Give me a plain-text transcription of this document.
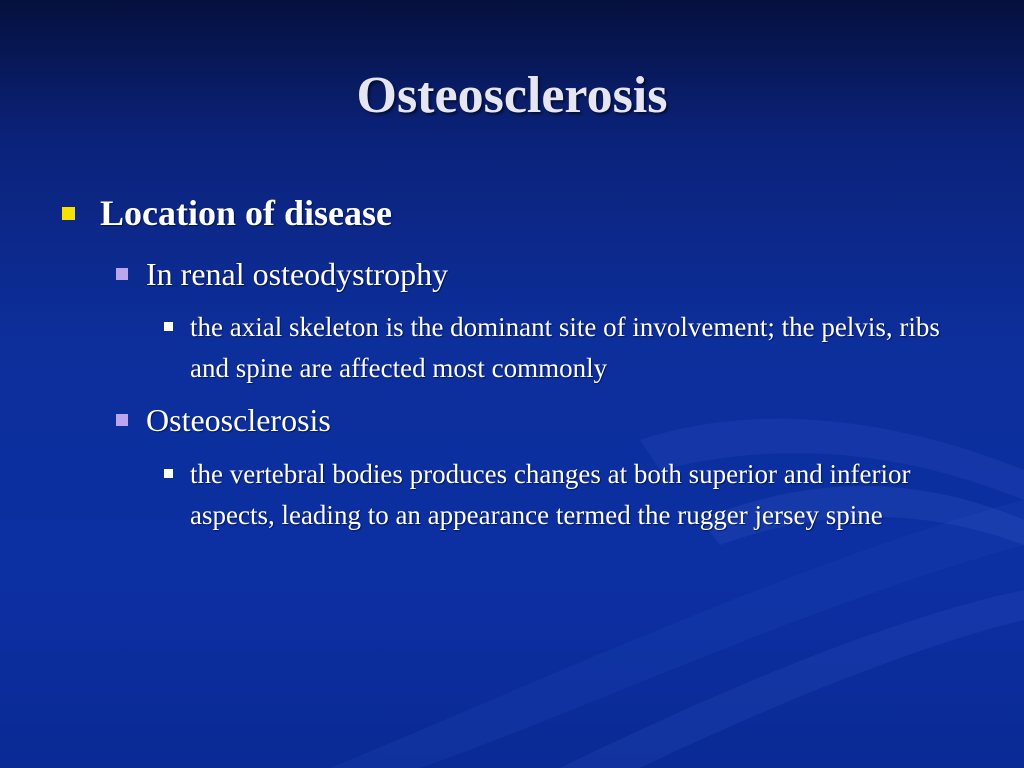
Osteosclerosis
Location of disease
In renal osteodystrophy
the axial skeleton is the dominant site of involvement; the pelvis, ribs and spine are affected most commonly
Osteosclerosis
the vertebral bodies produces changes at both superior and inferior aspects, leading to an appearance termed the rugger jersey spine
